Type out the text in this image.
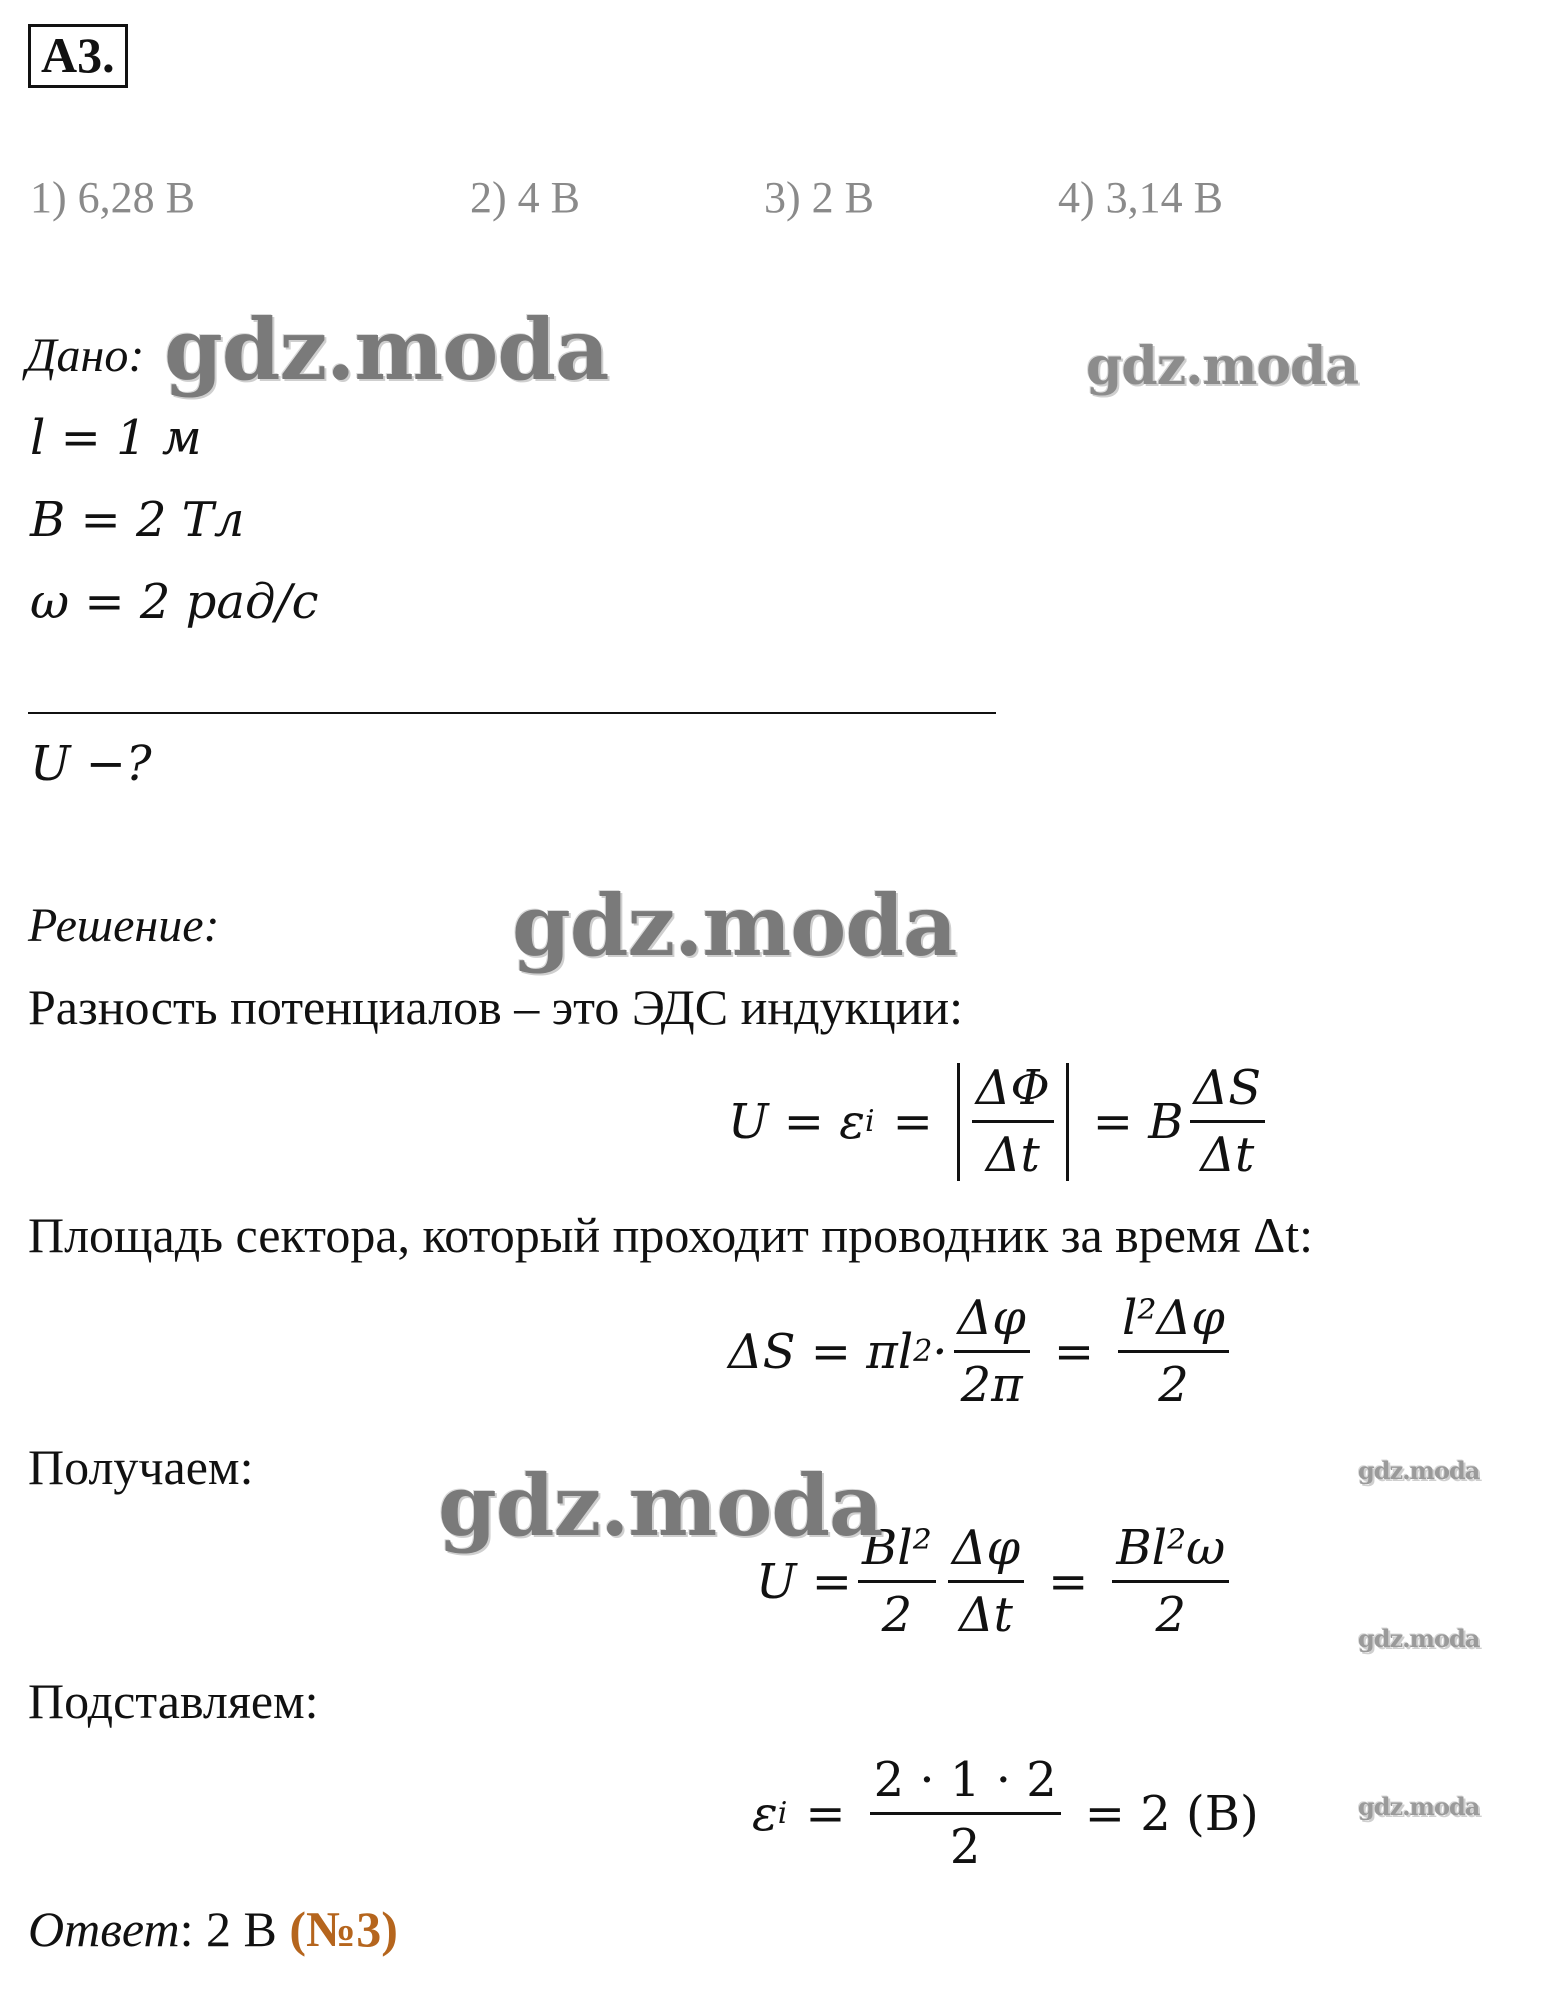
А3.
1) 6,28 В	2) 4 В	3) 2 В	4) 3,14 В
Дано:
l = 1 м
B = 2 Тл
ω = 2 рад/с
U −?
Решение:
Разность потенциалов – это ЭДС индукции:
U = ε $i = \frac{\Delta\Phi}{\Delta t} = B \frac{\Delta S}{\Delta t}$
Площадь сектора, который проходит проводник за время Δt:
ΔS = πl $2 \cdot \frac{\Delta\varphi}{2\pi} = \frac{\text{l²Δφ}}{2}$
Получаем:
$U = \frac{\text{Bl²}}{2} \frac{\Delta\varphi}{\Delta t} = \frac{\text{Bl²ω}}{2}$
Подставляем:
ε $i = \frac{2 \cdot 1 \cdot 2}{2} = 2$ (В)
Ответ: 2 В (№3)
gdz.moda	gdz.moda
gdz.moda
gdz.moda	gdz.moda
gdz.moda
gdz.moda
